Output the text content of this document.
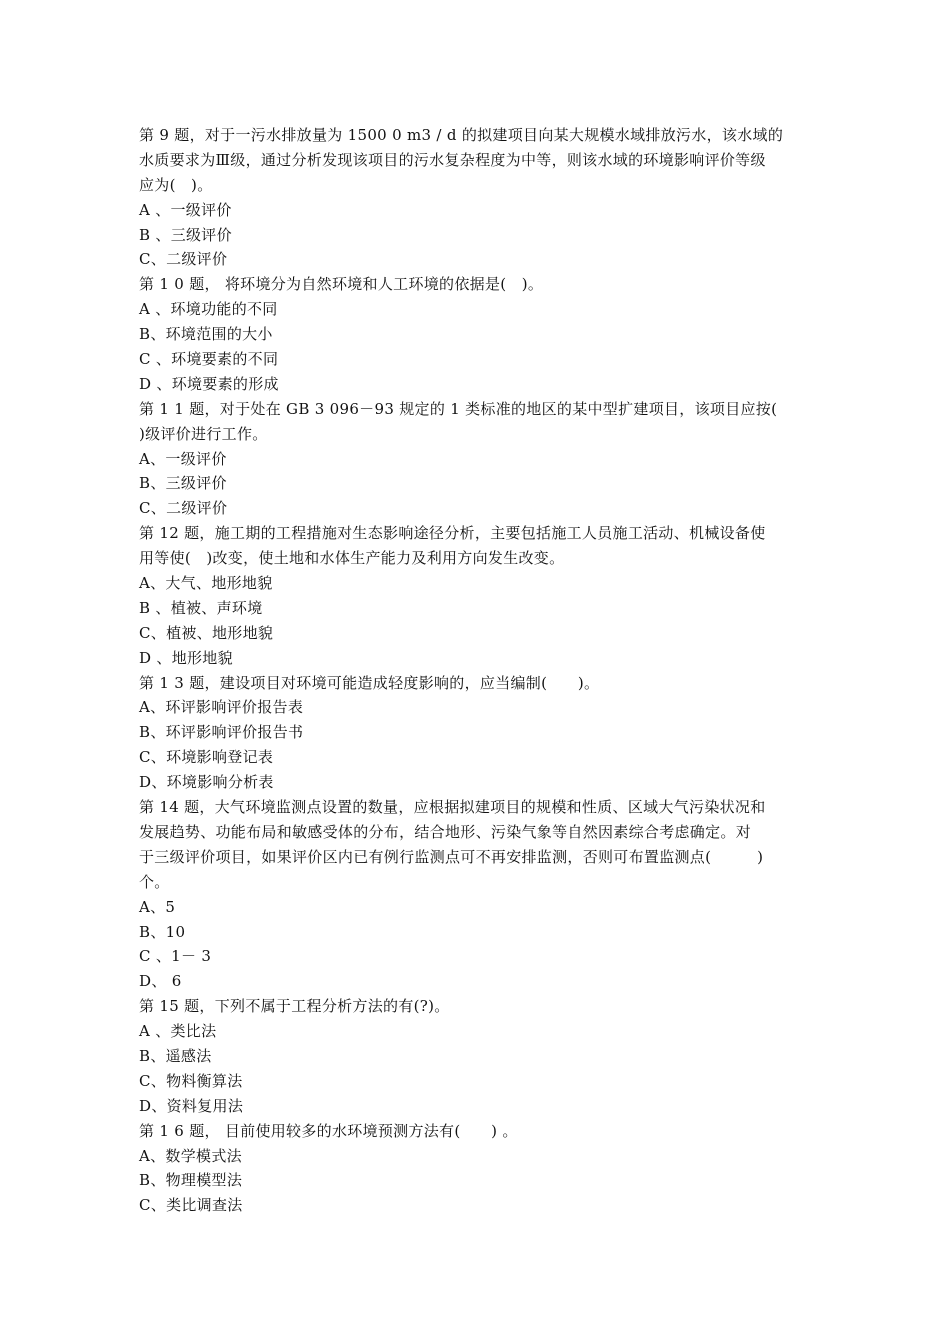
第 9 题，对于一污水排放量为 1500 0 m3 / d 的拟建项目向某大规模水域排放污水，该水域的
水质要求为Ⅲ级，通过分析发现该项目的污水复杂程度为中等，则该水域的环境影响评价等级
应为(　)。
A 、一级评价
B 、三级评价
C、二级评价
第 1 0 题， 将环境分为自然环境和人工环境的依据是(　)。
A 、环境功能的不同
B、环境范围的大小
C 、环境要素的不同
D 、环境要素的形成
第 1 1 题，对于处在 GB 3 096－93 规定的 1 类标准的地区的某中型扩建项目，该项目应按(
)级评价进行工作。
A、一级评价
B、三级评价
C、二级评价
第 12 题，施工期的工程措施对生态影响途径分析，主要包括施工人员施工活动、机械设备使
用等使(　)改变，使土地和水体生产能力及利用方向发生改变。
A、大气、地形地貌
B 、植被、声环境
C、植被、地形地貌
D 、地形地貌
第 1 3 题，建设项目对环境可能造成轻度影响的，应当编制(　　)。
A、环评影响评价报告表
B、环评影响评价报告书
C、环境影响登记表
D、环境影响分析表
第 14 题，大气环境监测点设置的数量，应根据拟建项目的规模和性质、区域大气污染状况和
发展趋势、功能布局和敏感受体的分布，结合地形、污染气象等自然因素综合考虑确定。对
于三级评价项目，如果评价区内已有例行监测点可不再安排监测，否则可布置监测点(　　　)
个。
A、5
B、10
C 、1－ 3
D、 6
第 15 题，下列不属于工程分析方法的有(?)。
A 、类比法
B、遥感法
C、物料衡算法
D、资料复用法
第 1 6 题， 目前使用较多的水环境预测方法有(　　) 。
A、数学模式法
B、物理模型法
C、类比调查法
